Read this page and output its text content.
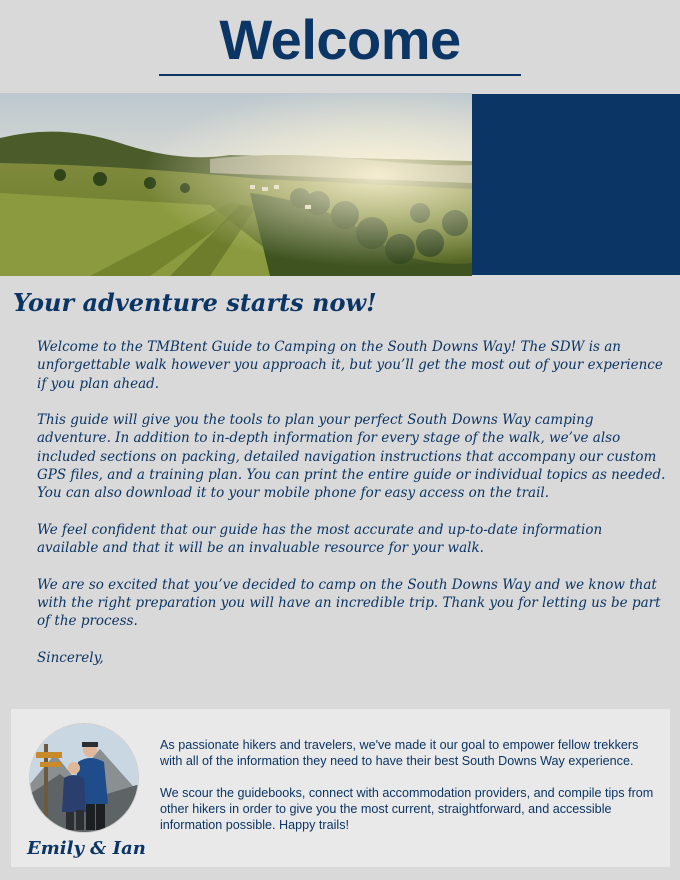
Welcome
Your adventure starts now!

Welcome to the TMBtent Guide to Camping on the South Downs Way! The SDW is an unforgettable walk however you approach it, but you’ll get the most out of your experience if you plan ahead.

This guide will give you the tools to plan your perfect South Downs Way camping adventure. In addition to in-depth information for every stage of the walk, we’ve also included sections on packing, detailed navigation instructions that accompany our custom GPS files, and a training plan. You can print the entire guide or individual topics as needed. You can also download it to your mobile phone for easy access on the trail.

We feel confident that our guide has the most accurate and up-to-date information available and that it will be an invaluable resource for your walk.

We are so excited that you’ve decided to camp on the South Downs Way and we know that with the right preparation you will have an incredible trip. Thank you for letting us be part of the process.

Sincerely,

Emily & Ian

As passionate hikers and travelers, we've made it our goal to empower fellow trekkers with all of the information they need to have their best South Downs Way experience.

We scour the guidebooks, connect with accommodation providers, and compile tips from other hikers in order to give you the most current, straightforward, and accessible information possible. Happy trails!
